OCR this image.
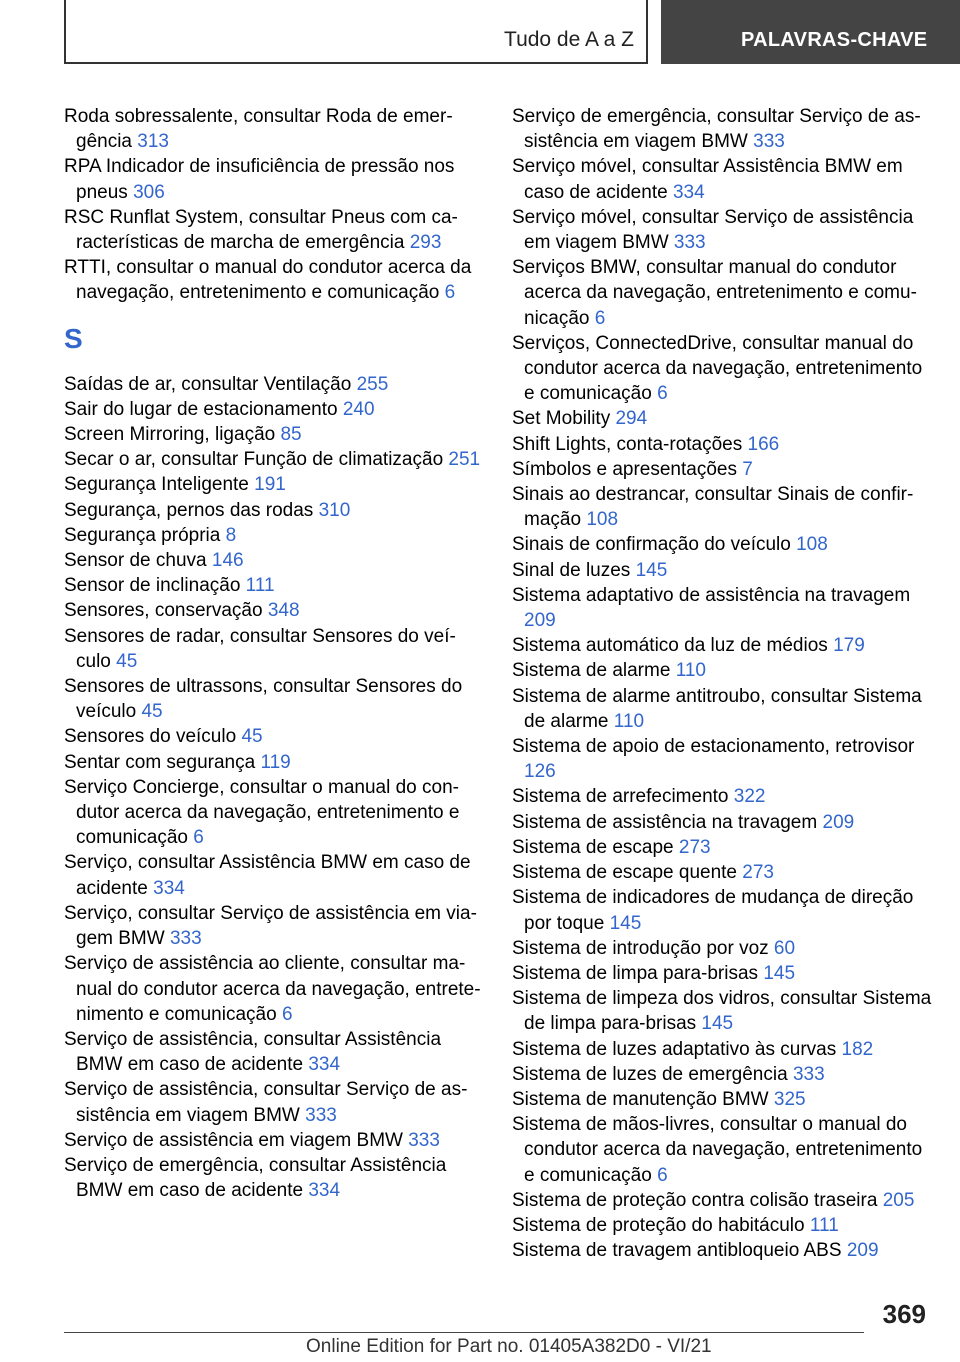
Tudo de A a Z	PALAVRAS-CHAVE
Roda sobressalente, consultar Roda de emergência 313
RPA Indicador de insuficiência de pressão nos pneus 306
RSC Runflat System, consultar Pneus com características de marcha de emergência 293
RTTI, consultar o manual do condutor acerca da navegação, entretenimento e comunicação 6
S
Saídas de ar, consultar Ventilação 255
Sair do lugar de estacionamento 240
Screen Mirroring, ligação 85
Secar o ar, consultar Função de climatização 251
Segurança Inteligente 191
Segurança, pernos das rodas 310
Segurança própria 8
Sensor de chuva 146
Sensor de inclinação 111
Sensores, conservação 348
Sensores de radar, consultar Sensores do veículo 45
Sensores de ultrassons, consultar Sensores do veículo 45
Sensores do veículo 45
Sentar com segurança 119
Serviço Concierge, consultar o manual do condutor acerca da navegação, entretenimento e comunicação 6
Serviço, consultar Assistência BMW em caso de acidente 334
Serviço, consultar Serviço de assistência em viagem BMW 333
Serviço de assistência ao cliente, consultar manual do condutor acerca da navegação, entretenimento e comunicação 6
Serviço de assistência, consultar Assistência BMW em caso de acidente 334
Serviço de assistência, consultar Serviço de assistência em viagem BMW 333
Serviço de assistência em viagem BMW 333
Serviço de emergência, consultar Assistência BMW em caso de acidente 334
Serviço de emergência, consultar Serviço de assistência em viagem BMW 333
Serviço móvel, consultar Assistência BMW em caso de acidente 334
Serviço móvel, consultar Serviço de assistência em viagem BMW 333
Serviços BMW, consultar manual do condutor acerca da navegação, entretenimento e comunicação 6
Serviços, ConnectedDrive, consultar manual do condutor acerca da navegação, entretenimento e comunicação 6
Set Mobility 294
Shift Lights, conta-rotações 166
Símbolos e apresentações 7
Sinais ao destrancar, consultar Sinais de confirmação 108
Sinais de confirmação do veículo 108
Sinal de luzes 145
Sistema adaptativo de assistência na travagem 209
Sistema automático da luz de médios 179
Sistema de alarme 110
Sistema de alarme antitroubo, consultar Sistema de alarme 110
Sistema de apoio de estacionamento, retrovisor 126
Sistema de arrefecimento 322
Sistema de assistência na travagem 209
Sistema de escape 273
Sistema de escape quente 273
Sistema de indicadores de mudança de direção por toque 145
Sistema de introdução por voz 60
Sistema de limpa para-brisas 145
Sistema de limpeza dos vidros, consultar Sistema de limpa para-brisas 145
Sistema de luzes adaptativo às curvas 182
Sistema de luzes de emergência 333
Sistema de manutenção BMW 325
Sistema de mãos-livres, consultar o manual do condutor acerca da navegação, entretenimento e comunicação 6
Sistema de proteção contra colisão traseira 205
Sistema de proteção do habitáculo 111
Sistema de travagem antibloqueio ABS 209
369
Online Edition for Part no. 01405A382D0 - VI/21
